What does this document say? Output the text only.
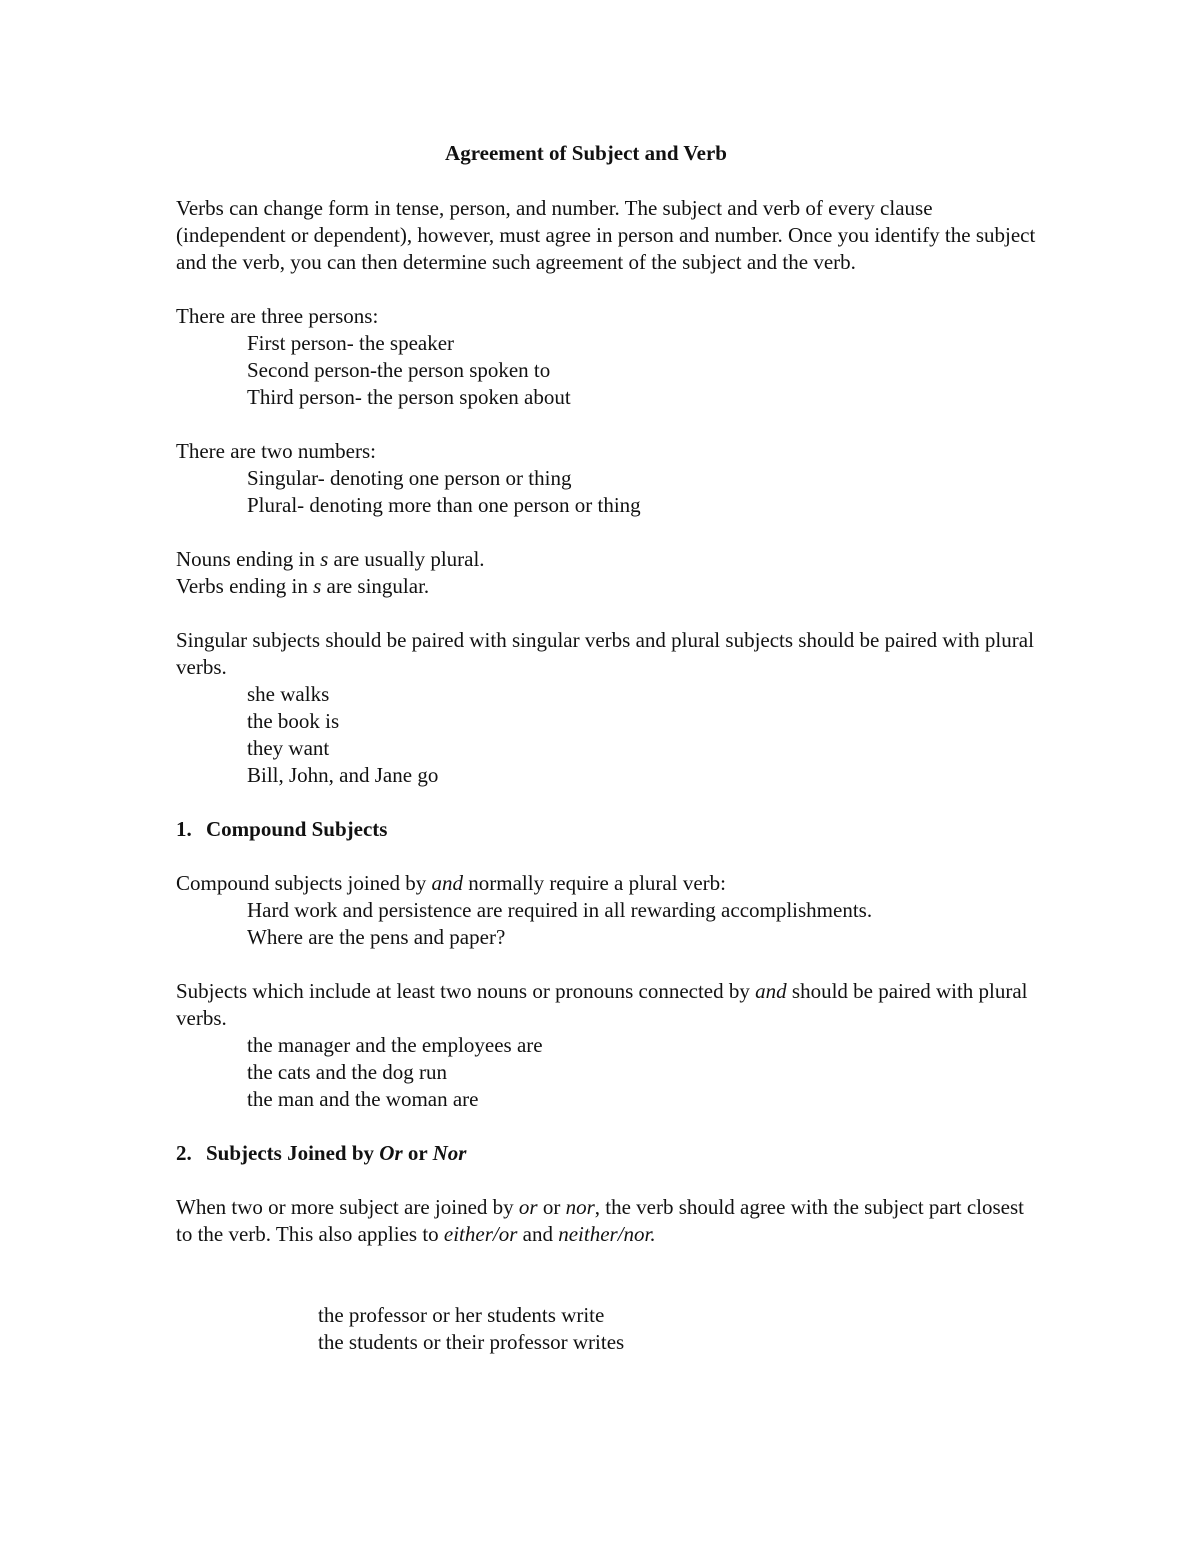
Agreement of Subject and Verb

Verbs can change form in tense, person, and number. The subject and verb of every clause (independent or dependent), however, must agree in person and number. Once you identify the subject and the verb, you can then determine such agreement of the subject and the verb.

There are three persons:

First person- the speaker

Second person-the person spoken to

Third person- the person spoken about

There are two numbers:

Singular- denoting one person or thing

Plural- denoting more than one person or thing

Nouns ending in s are usually plural.

Verbs ending in s are singular.

Singular subjects should be paired with singular verbs and plural subjects should be paired with plural verbs.

she walks

the book is

they want

Bill, John, and Jane go

1. Compound Subjects

Compound subjects joined by and normally require a plural verb:

Hard work and persistence are required in all rewarding accomplishments.

Where are the pens and paper?

Subjects which include at least two nouns or pronouns connected by and should be paired with plural verbs.

the manager and the employees are

the cats and the dog run

the man and the woman are

2. Subjects Joined by Or or Nor

When two or more subject are joined by or or nor, the verb should agree with the subject part closest to the verb. This also applies to either/or and neither/nor.

the professor or her students write

the students or their professor writes
